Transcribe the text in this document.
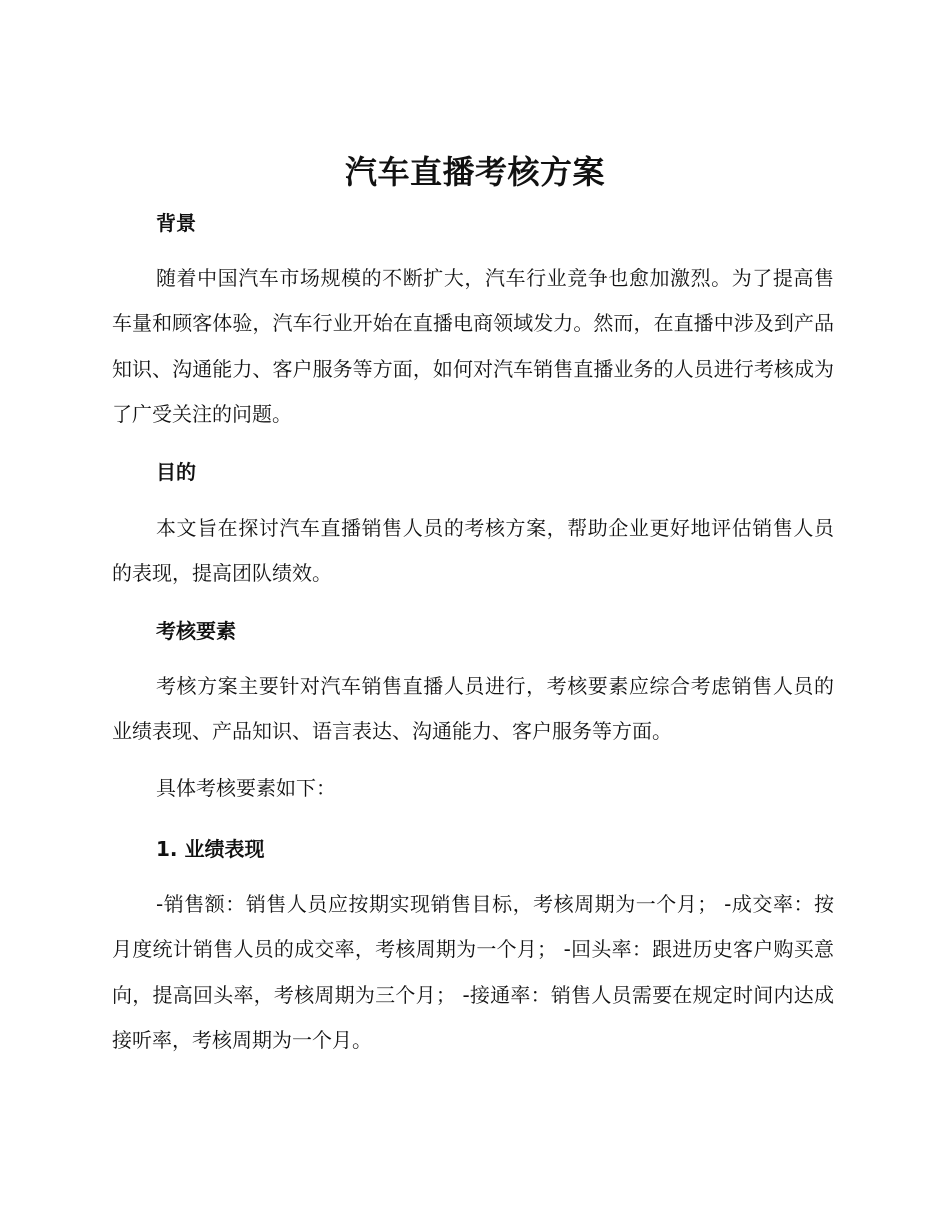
汽车直播考核方案
背景

随着中国汽车市场规模的不断扩大，汽车行业竞争也愈加激烈。为了提高售车量和顾客体验，汽车行业开始在直播电商领域发力。然而，在直播中涉及到产品知识、沟通能力、客户服务等方面，如何对汽车销售直播业务的人员进行考核成为了广受关注的问题。

目的

本文旨在探讨汽车直播销售人员的考核方案，帮助企业更好地评估销售人员的表现，提高团队绩效。

考核要素

考核方案主要针对汽车销售直播人员进行，考核要素应综合考虑销售人员的业绩表现、产品知识、语言表达、沟通能力、客户服务等方面。

具体考核要素如下：

1. 业绩表现

-销售额：销售人员应按期实现销售目标，考核周期为一个月； -成交率：按月度统计销售人员的成交率，考核周期为一个月； -回头率：跟进历史客户购买意向，提高回头率，考核周期为三个月； -接通率：销售人员需要在规定时间内达成接听率，考核周期为一个月。
